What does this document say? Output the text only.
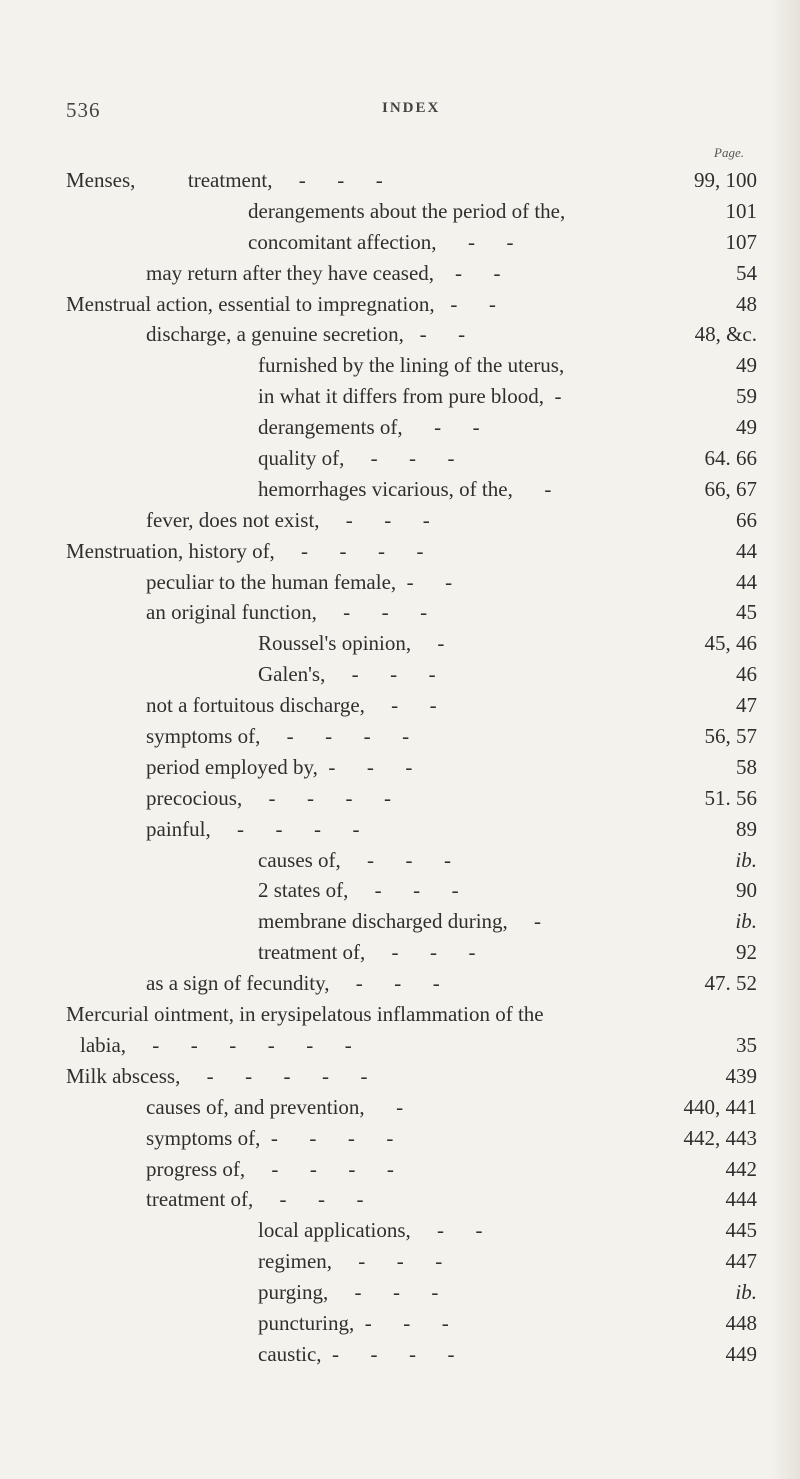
536	INDEX
Page.
Menses,          treatment,     -      -      -	99, 100
derangements about the period of the,	101
concomitant affection,      -      -	107
may return after they have ceased,    -      -	54
Menstrual action, essential to impregnation,   -      -	48
discharge, a genuine secretion,   -      -	48, &c.
furnished by the lining of the uterus,	49
in what it differs from pure blood,  -	59
derangements of,      -      -	49
quality of,     -      -      -	64. 66
hemorrhages vicarious, of the,      -	66, 67
fever, does not exist,     -      -      -	66
Menstruation, history of,     -      -      -      -	44
peculiar to the human female,  -      -	44
an original function,     -      -      -	45
Roussel's opinion,     -	45, 46
Galen's,     -      -      -	46
not a fortuitous discharge,     -      -	47
symptoms of,     -      -      -      -	56, 57
period employed by,  -      -      -	58
precocious,     -      -      -      -	51. 56
painful,     -      -      -      -	89
causes of,     -      -      -	ib.
2 states of,     -      -      -	90
membrane discharged during,     -	ib.
treatment of,     -      -      -	92
as a sign of fecundity,     -      -      -	47. 52
Mercurial ointment, in erysipelatous inflammation of the
labia,     -      -      -      -      -      -	35
Milk abscess,     -      -      -      -      -	439
causes of, and prevention,      -	440, 441
symptoms of,  -      -      -      -	442, 443
progress of,     -      -      -      -	442
treatment of,     -      -      -	444
local applications,     -      -	445
regimen,     -      -      -	447
purging,     -      -      -	ib.
puncturing,  -      -      -	448
caustic,  -      -      -      -	449
